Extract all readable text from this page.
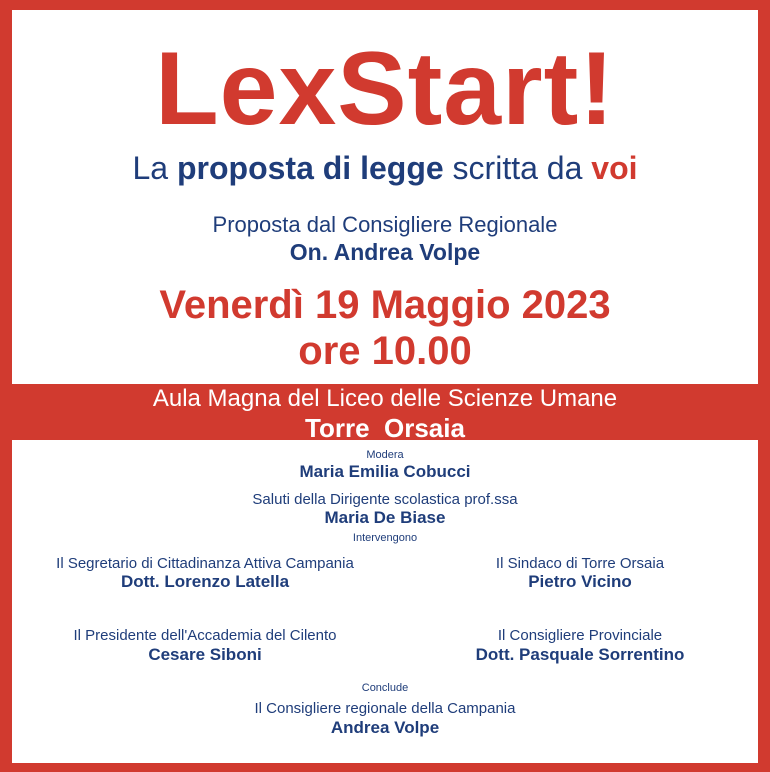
LexStart!
La proposta di legge scritta da voi
Proposta dal Consigliere Regionale
On. Andrea Volpe
Venerdì 19 Maggio 2023
ore 10.00
Aula Magna del Liceo delle Scienze Umane
Torre  Orsaia
Modera
Maria Emilia Cobucci
Saluti della Dirigente scolastica prof.ssa
Maria De Biase
Intervengono
Il Segretario di Cittadinanza Attiva Campania
Dott. Lorenzo Latella
Il Sindaco di Torre Orsaia
Pietro Vicino
Il Presidente dell'Accademia del Cilento
Cesare Siboni
Il Consigliere Provinciale
Dott. Pasquale Sorrentino
Conclude
Il Consigliere regionale della Campania
Andrea Volpe
